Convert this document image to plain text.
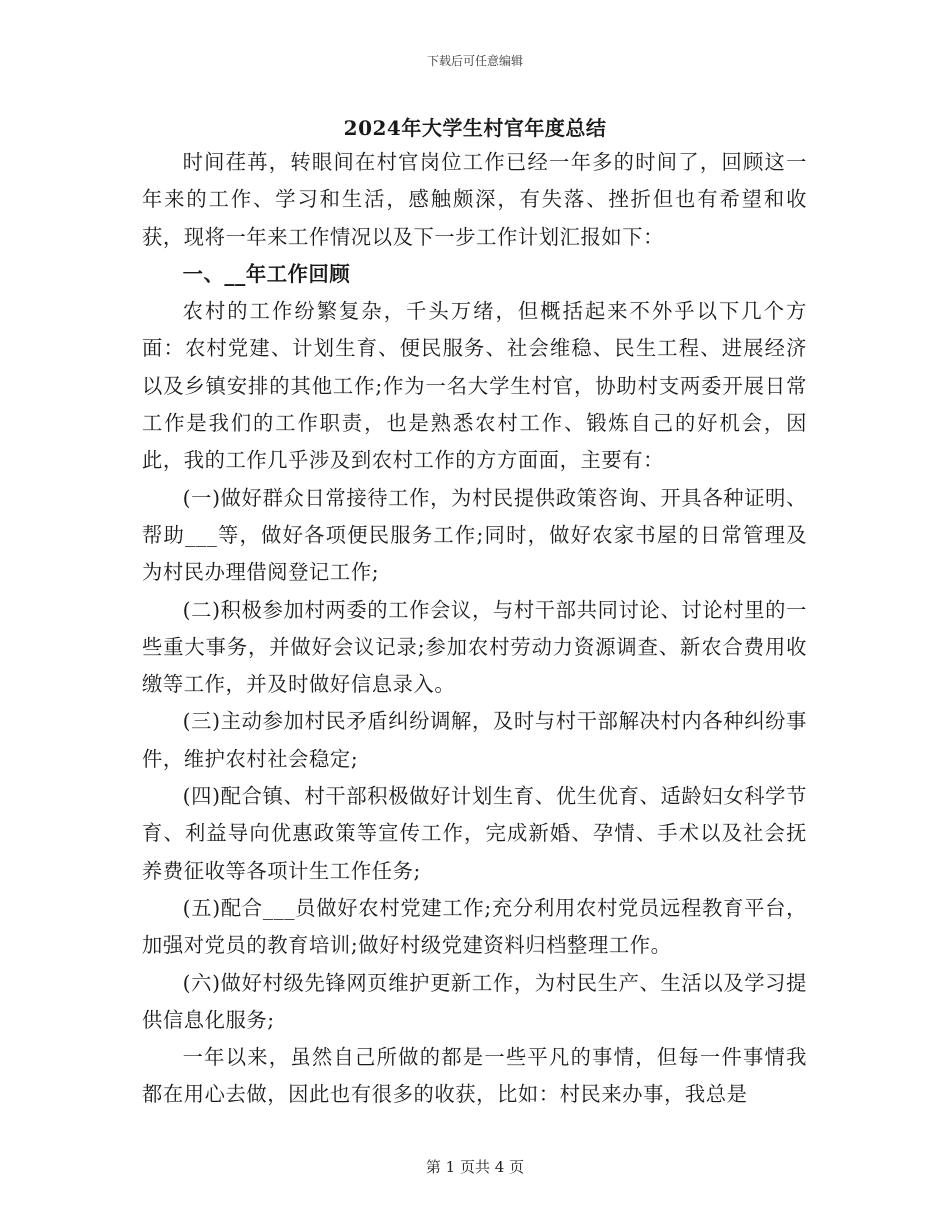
下载后可任意编辑
2024年大学生村官年度总结

时间荏苒，转眼间在村官岗位工作已经一年多的时间了，回顾这一年来的工作、学习和生活，感触颇深，有失落、挫折但也有希望和收获，现将一年来工作情况以及下一步工作计划汇报如下：

一、__年工作回顾

农村的工作纷繁复杂，千头万绪，但概括起来不外乎以下几个方面：农村党建、计划生育、便民服务、社会维稳、民生工程、进展经济以及乡镇安排的其他工作;作为一名大学生村官，协助村支两委开展日常工作是我们的工作职责，也是熟悉农村工作、锻炼自己的好机会，因此，我的工作几乎涉及到农村工作的方方面面，主要有：

(一)做好群众日常接待工作，为村民提供政策咨询、开具各种证明、帮助___等，做好各项便民服务工作;同时，做好农家书屋的日常管理及为村民办理借阅登记工作;

(二)积极参加村两委的工作会议，与村干部共同讨论、讨论村里的一些重大事务，并做好会议记录;参加农村劳动力资源调查、新农合费用收缴等工作，并及时做好信息录入。

(三)主动参加村民矛盾纠纷调解，及时与村干部解决村内各种纠纷事件，维护农村社会稳定;

(四)配合镇、村干部积极做好计划生育、优生优育、适龄妇女科学节育、利益导向优惠政策等宣传工作，完成新婚、孕情、手术以及社会抚养费征收等各项计生工作任务;

(五)配合___员做好农村党建工作;充分利用农村党员远程教育平台，加强对党员的教育培训;做好村级党建资料归档整理工作。

(六)做好村级先锋网页维护更新工作，为村民生产、生活以及学习提供信息化服务;

一年以来，虽然自己所做的都是一些平凡的事情，但每一件事情我都在用心去做，因此也有很多的收获，比如：村民来办事，我总是

第 1 页共 4 页
